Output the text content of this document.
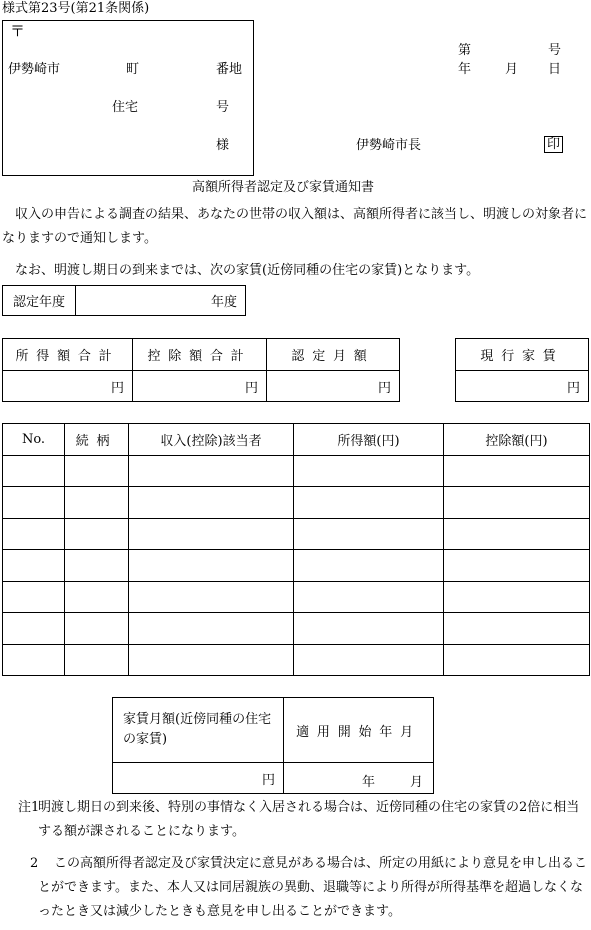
様式第23号(第21条関係)
〒
伊勢崎市	町	番地
住宅	号
様
第	号
年	月 日
伊勢崎市長	印
高額所得者認定及び家賃通知書
収入の申告による調査の結果、あなたの世帯の収入額は、高額所得者に該当し、明渡しの対象者になりますので通知します。
なお、明渡し期日の到来までは、次の家賃(近傍同種の住宅の家賃)となります。
認定年度	年度
所得額合計	控除額合計	認定月額
円	円	円
現行家賃
円
No.	続柄	収入(控除)該当者	所得額(円)	控除額(円)

家賃月額(近傍同種の住宅の家賃)	適用開始年月
円	年 月
注1
明渡し期日の到来後、特別の事情なく入居される場合は、近傍同種の住宅の家賃の2倍に相当する額が課されることになります。
2	この高額所得者認定及び家賃決定に意見がある場合は、所定の用紙により意見を申し出ることができます。また、本人又は同居親族の異動、退職等により所得が所得基準を超過しなくなったとき又は減少したときも意見を申し出ることができます。
